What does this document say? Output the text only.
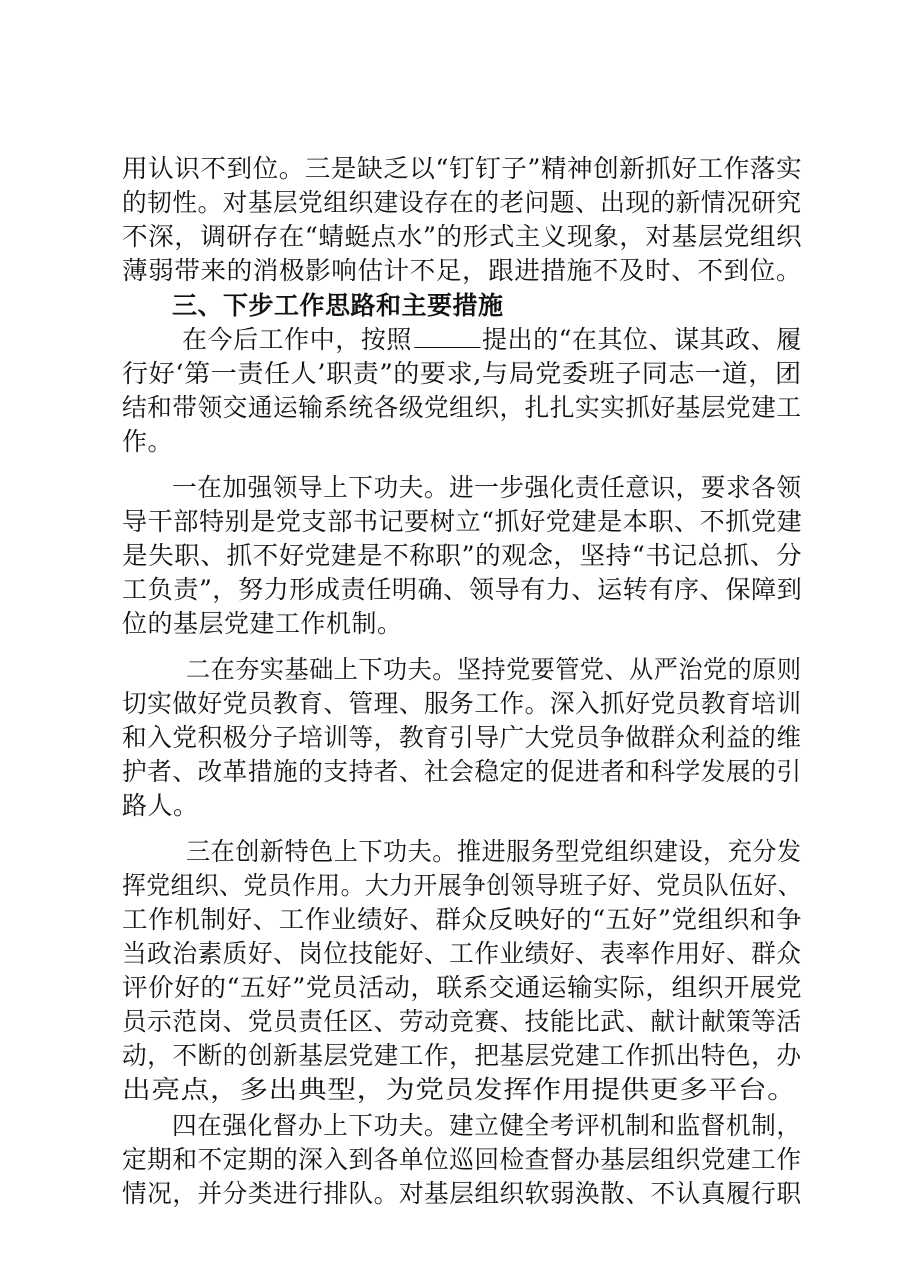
用认识不到位。三是缺乏以“钉钉子”精神创新抓好工作落实
的韧性。对基层党组织建设存在的老问题、出现的新情况研究
不深，调研存在“蜻蜓点水”的形式主义现象，对基层党组织
薄弱带来的消极影响估计不足，跟进措施不及时、不到位。
三、下步工作思路和主要措施
在今后工作中，按照	提出的“在其位、谋其政、履
行好‘第一责任人’职责”的要求,与局党委班子同志一道，团
结和带领交通运输系统各级党组织，扎扎实实抓好基层党建工
作。
一在加强领导上下功夫。进一步强化责任意识，要求各领
导干部特别是党支部书记要树立“抓好党建是本职、不抓党建
是失职、抓不好党建是不称职”的观念，坚持“书记总抓、分
工负责”，努力形成责任明确、领导有力、运转有序、保障到
位的基层党建工作机制。
二在夯实基础上下功夫。坚持党要管党、从严治党的原则
切实做好党员教育、管理、服务工作。深入抓好党员教育培训
和入党积极分子培训等，教育引导广大党员争做群众利益的维
护者、改革措施的支持者、社会稳定的促进者和科学发展的引
路人。
三在创新特色上下功夫。推进服务型党组织建设，充分发
挥党组织、党员作用。大力开展争创领导班子好、党员队伍好、
工作机制好、工作业绩好、群众反映好的“五好”党组织和争
当政治素质好、岗位技能好、工作业绩好、表率作用好、群众
评价好的“五好”党员活动，联系交通运输实际，组织开展党
员示范岗、党员责任区、劳动竞赛、技能比武、献计献策等活
动，不断的创新基层党建工作，把基层党建工作抓出特色，办
出亮点，多出典型，为党员发挥作用提供更多平台。
四在强化督办上下功夫。建立健全考评机制和监督机制，
定期和不定期的深入到各单位巡回检查督办基层组织党建工作
情况，并分类进行排队。对基层组织软弱涣散、不认真履行职
